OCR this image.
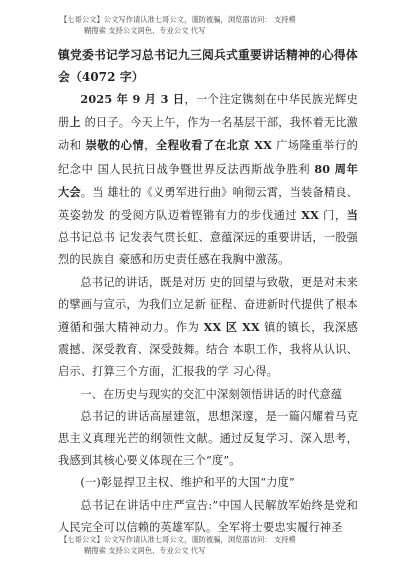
【七哥公文】公文写作请认准七哥公文，谨防被骗，浏览器访问： 支持模
糊搜索 支持公文润色、专业公文 代写

镇党委书记学习总书记九三阅兵式重要讲话精神的心得体会（4072 字）

2025 年 9 月 3 日，一个注定镌刻在中华民族光辉史册上 的日子。今天上午，作为一名基层干部，我怀着无比激动和 崇敬的心情，全程收看了在北京 XX 广场隆重举行的纪念中 国人民抗日战争暨世界反法西斯战争胜利 80 周年大会。当 雄壮的《义勇军进行曲》响彻云霄，当装备精良、英姿勃发 的受阅方队迈着铿锵有力的步伐通过 XX 门，当总书记总书 记发表气贯长虹、意蕴深远的重要讲话，一股强烈的民族自 豪感和历史责任感在我胸中激荡。

总书记的讲话，既是对历 史的回望与致敬，更是对未来的擘画与宣示，为我们立足新 征程、奋进新时代提供了根本遵循和强大精神动力。作为 XX 区 XX 镇的镇长，我深感震撼、深受教育、深受鼓舞。结合 本职工作，我将从认识、启示、打算三个方面，汇报我的学 习心得。

一、在历史与现实的交汇中深刻领悟讲话的时代意蕴

总书记的讲话高屋建瓴，思想深邃，是一篇闪耀着马克思主义真理光芒的纲领性文献。通过反复学习、深入思考，我感到其核心要义体现在三个“度”。

(一)彰显捍卫主权、维护和平的大国“力度”

总书记在讲话中庄严宣告:”中国人民解放军始终是党和人民完全可以信赖的英雄军队。全军将士要忠实履行神圣

【七哥公文】公文写作请认准七哥公文，谨防被骗，浏览器访问： 支持模
糊搜索 支持公文润色、专业公文 代写
